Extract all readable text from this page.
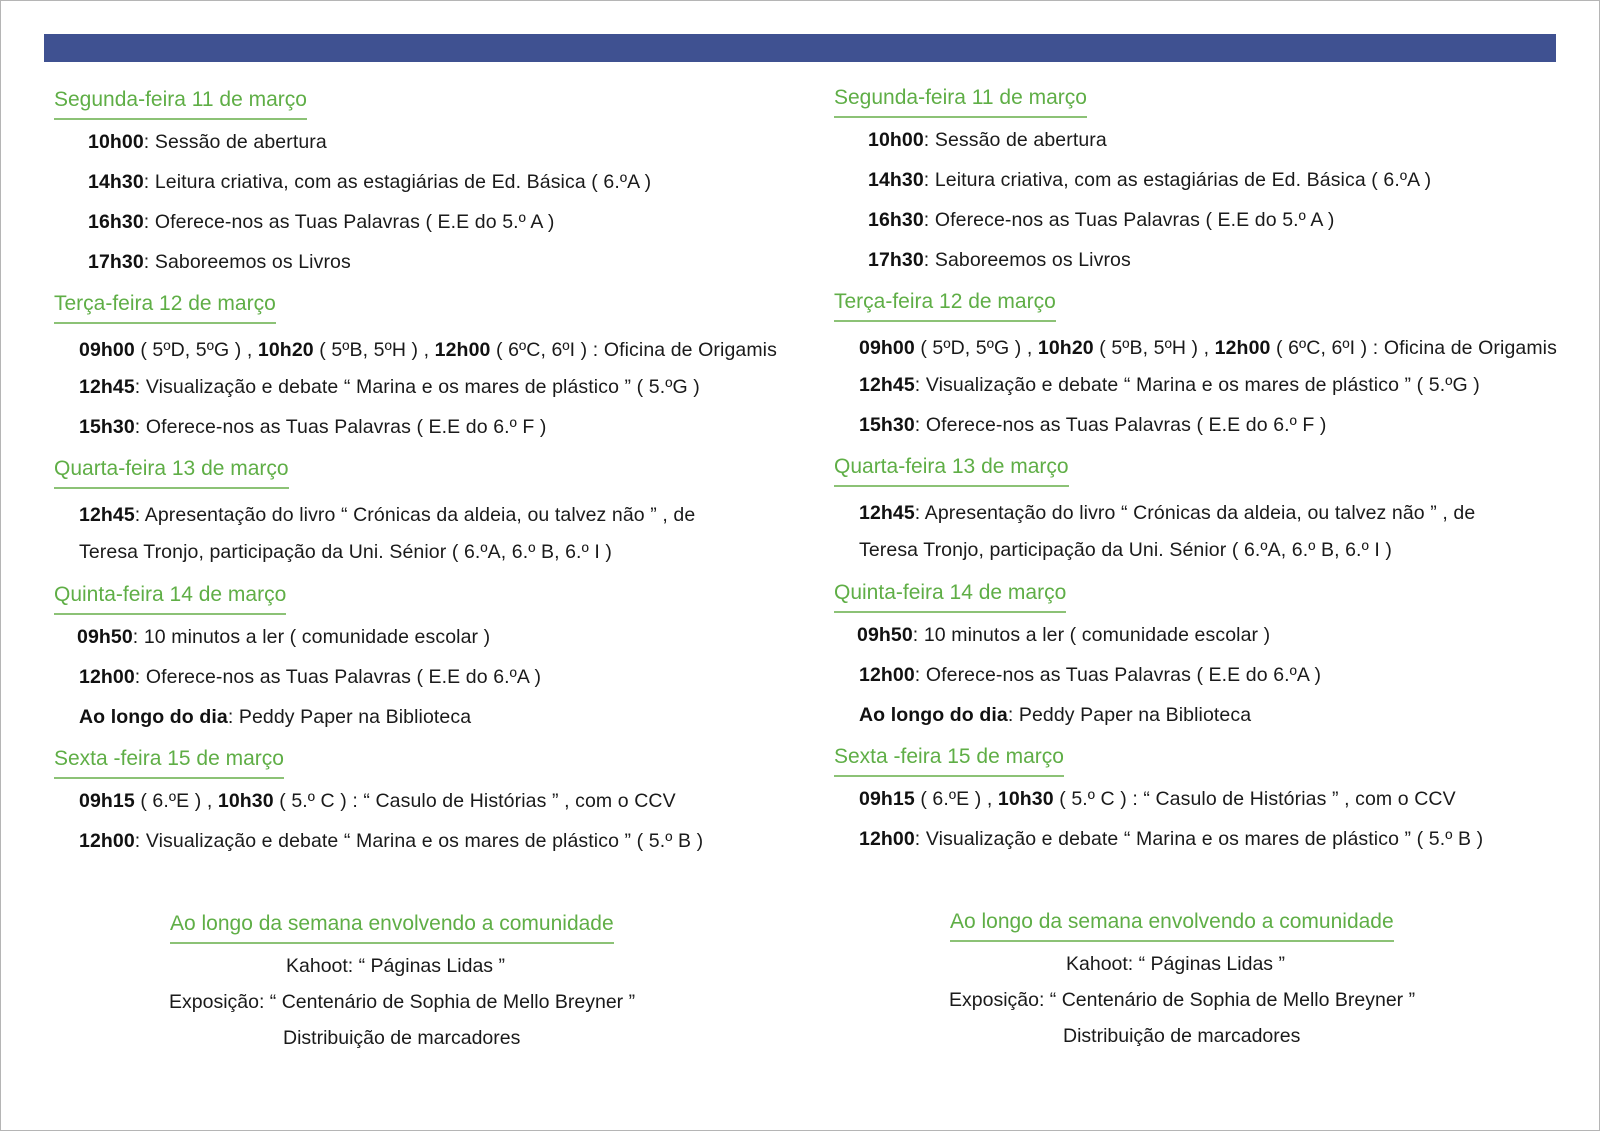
Segunda-feira 11 de março

10h00: Sessão de abertura

14h30: Leitura criativa, com as estagiárias de Ed. Básica ( 6.ºA )

16h30: Oferece-nos as Tuas Palavras ( E.E do 5.º A )

17h30: Saboreemos os Livros

Terça-feira 12 de março

09h00 ( 5ºD, 5ºG ) , 10h20 ( 5ºB, 5ºH ) , 12h00 ( 6ºC, 6ºI ) : Oficina de Origamis

12h45: Visualização e debate “ Marina e os mares de plástico ” ( 5.ºG )

15h30: Oferece-nos as Tuas Palavras ( E.E do 6.º F )

Quarta-feira 13 de março

12h45: Apresentação do livro “ Crónicas da aldeia, ou talvez não ” , de Teresa Tronjo, participação da Uni. Sénior ( 6.ºA, 6.º B, 6.º I )

Quinta-feira 14 de março

09h50: 10 minutos a ler ( comunidade escolar )

12h00: Oferece-nos as Tuas Palavras ( E.E do 6.ºA )

Ao longo do dia: Peddy Paper na Biblioteca

Sexta -feira 15 de março

09h15 ( 6.ºE ) , 10h30 ( 5.º C ) : “ Casulo de Histórias ” , com o CCV

12h00: Visualização e debate “ Marina e os mares de plástico ” ( 5.º B )

Ao longo da semana envolvendo a comunidade
Kahoot: “ Páginas Lidas ”
Exposição: “ Centenário de Sophia de Mello Breyner ”
Distribuição de marcadores
Segunda-feira 11 de março

10h00: Sessão de abertura

14h30: Leitura criativa, com as estagiárias de Ed. Básica ( 6.ºA )

16h30: Oferece-nos as Tuas Palavras ( E.E do 5.º A )

17h30: Saboreemos os Livros

Terça-feira 12 de março

09h00 ( 5ºD, 5ºG ) , 10h20 ( 5ºB, 5ºH ) , 12h00 ( 6ºC, 6ºI ) : Oficina de Origamis

12h45: Visualização e debate “ Marina e os mares de plástico ” ( 5.ºG )

15h30: Oferece-nos as Tuas Palavras ( E.E do 6.º F )

Quarta-feira 13 de março

12h45: Apresentação do livro “ Crónicas da aldeia, ou talvez não ” , de Teresa Tronjo, participação da Uni. Sénior ( 6.ºA, 6.º B, 6.º I )

Quinta-feira 14 de março

09h50: 10 minutos a ler ( comunidade escolar )

12h00: Oferece-nos as Tuas Palavras ( E.E do 6.ºA )

Ao longo do dia: Peddy Paper na Biblioteca

Sexta -feira 15 de março

09h15 ( 6.ºE ) , 10h30 ( 5.º C ) : “ Casulo de Histórias ” , com o CCV

12h00: Visualização e debate “ Marina e os mares de plástico ” ( 5.º B )

Ao longo da semana envolvendo a comunidade
Kahoot: “ Páginas Lidas ”
Exposição: “ Centenário de Sophia de Mello Breyner ”
Distribuição de marcadores
